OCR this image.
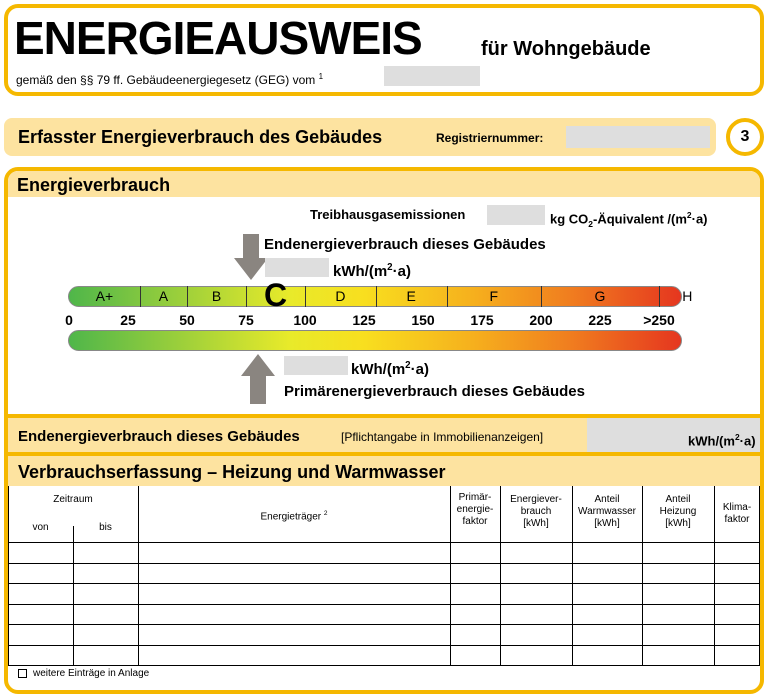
ENERGIEAUSWEIS	für Wohngebäude
gemäß den §§ 79 ff. Gebäudeenergiegesetz (GEG) vom $^1$
Erfasster Energieverbrauch des Gebäudes	Registriernummer:	3
Energieverbrauch
Treibhausgasemissionen	kg $CO_2$-Äquivalent $/(m^2\cdot a)$
Endenergieverbrauch dieses Gebäudes
kWh/$(m^2\cdot a)$
A+	A	B	D	E	F	G	H
C
0	25	50	75	100	125	150	175	200	225	>250
kWh/$(m^2\cdot a)$
Primärenergieverbrauch dieses Gebäudes
Endenergieverbrauch dieses Gebäudes	[Pflichtangabe in Immobilienanzeigen]	kWh/$(m^2\cdot a)$
Verbrauchserfassung – Heizung und Warmwasser
Zeitraum
von	bis
Energieträger $^2$
Primär-
energie-
faktor
Energiever-
brauch
[kWh]
Anteil
Warmwasser
[kWh]
Anteil
Heizung
[kWh]
Klima-
faktor
weitere Einträge in Anlage
